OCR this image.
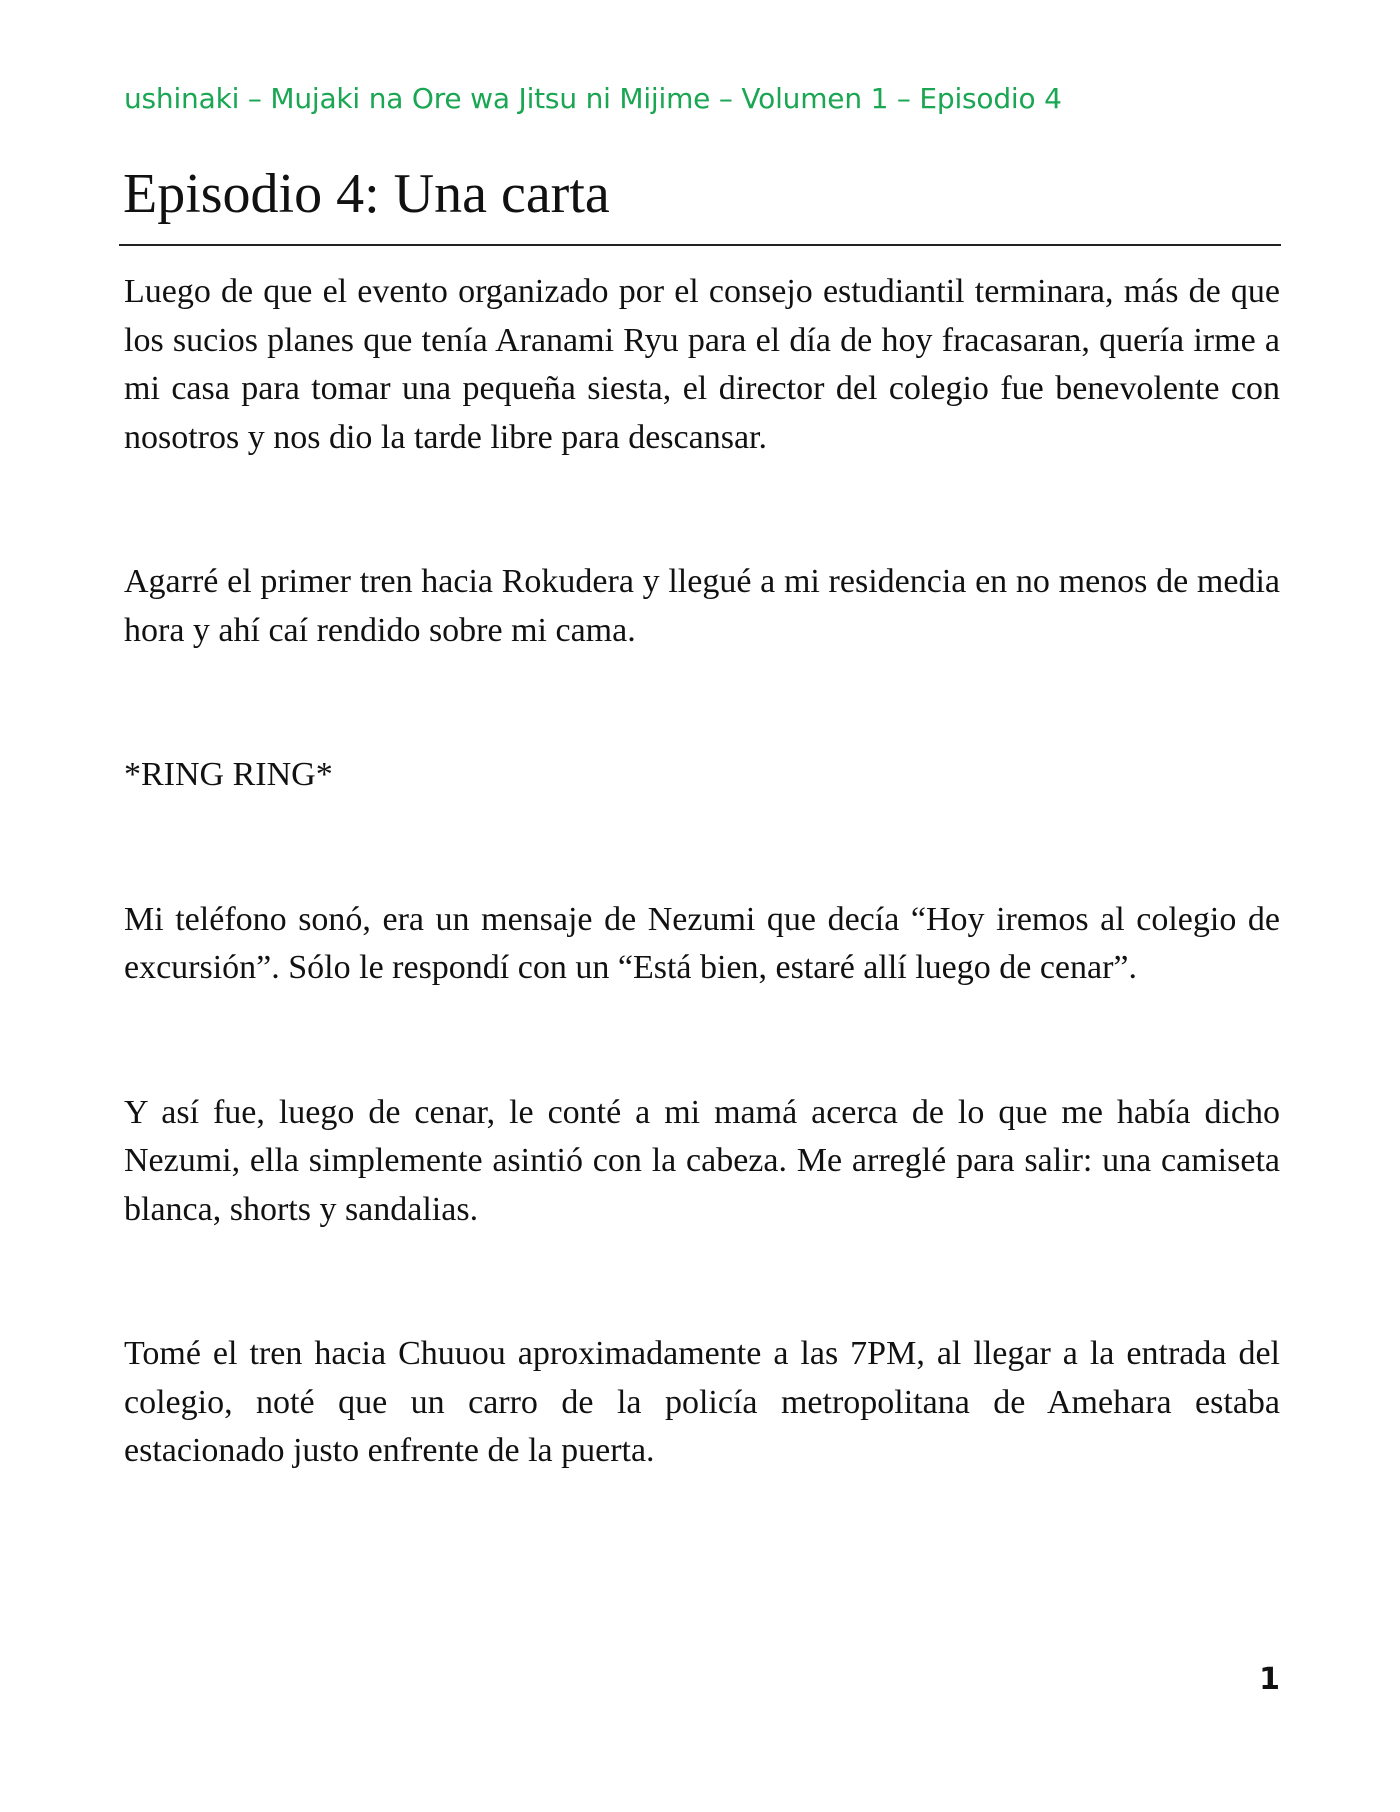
ushinaki – Mujaki na Ore wa Jitsu ni Mijime – Volumen 1 – Episodio 4
Episodio 4: Una carta

Luego de que el evento organizado por el consejo estudiantil terminara, más de que los sucios planes que tenía Aranami Ryu para el día de hoy fracasaran, quería irme a mi casa para tomar una pequeña siesta, el director del colegio fue benevolente con nosotros y nos dio la tarde libre para descansar.

Agarré el primer tren hacia Rokudera y llegué a mi residencia en no menos de media hora y ahí caí rendido sobre mi cama.

*RING RING*

Mi teléfono sonó, era un mensaje de Nezumi que decía “Hoy iremos al colegio de excursión”. Sólo le respondí con un “Está bien, estaré allí luego de cenar”.

Y así fue, luego de cenar, le conté a mi mamá acerca de lo que me había dicho Nezumi, ella simplemente asintió con la cabeza. Me arreglé para salir: una camiseta blanca, shorts y sandalias.

Tomé el tren hacia Chuuou aproximadamente a las 7PM, al llegar a la entrada del colegio, noté que un carro de la policía metropolitana de Amehara estaba estacionado justo enfrente de la puerta.

1
